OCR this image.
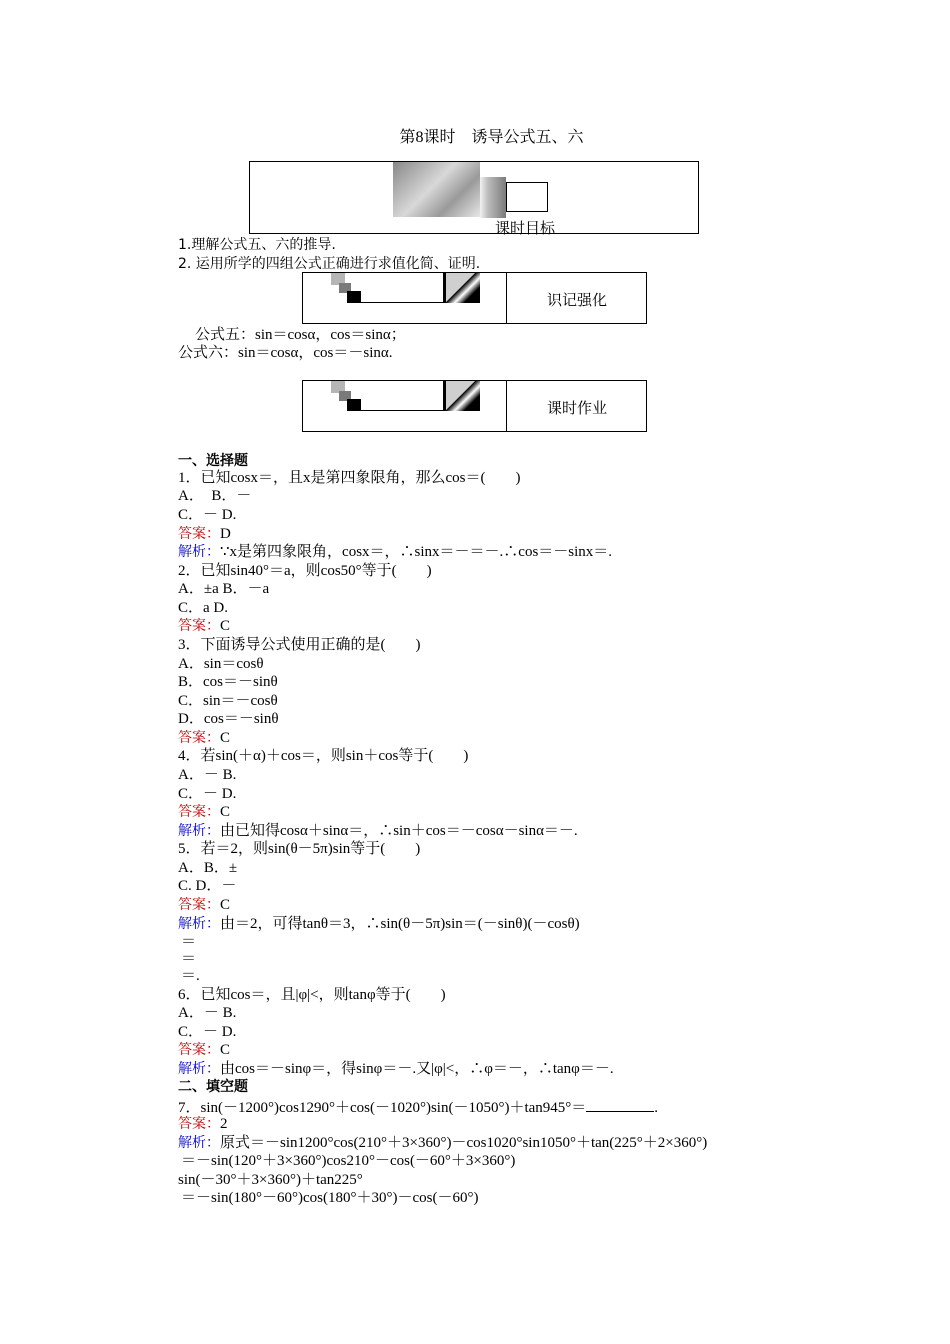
第8课时　诱导公式五、六
课时目标
1.理解公式五、六的推导.
2. 运用所学的四组公式正确进行求值化简、证明.
识记强化
公式五：sin＝cosα，cos＝sinα；
公式六：sin＝cosα，cos＝－sinα.
课时作业
一、选择题
1．已知cosx＝，且x是第四象限角，那么cos＝(　　)
A．　B．－
C．－ D.
答案：D
解析：∵x是第四象限角，cosx＝，∴sinx＝－＝－.∴cos＝－sinx＝.
2．已知sin40°＝a，则cos50°等于(　　)
A．±a B．－a
C．a D.
答案：C
3．下面诱导公式使用正确的是(　　)
A．sin＝cosθ
B．cos＝－sinθ
C．sin＝－cosθ
D．cos＝－sinθ
答案：C
4．若sin(＋α)＋cos＝，则sin＋cos等于(　　)
A．－ B.
C．－ D.
答案：C
解析：由已知得cosα＋sinα＝，∴sin＋cos＝－cosα－sinα＝－.
5．若＝2，则sin(θ－5π)sin等于(　　)
A．B．±
C. D．－
答案：C
解析：由＝2，可得tanθ＝3，∴sin(θ－5π)sin＝(－sinθ)(－cosθ)
＝
＝
＝.
6．已知cos＝，且|φ|<，则tanφ等于(　　)
A．－ B.
C．－ D.
答案：C
解析：由cos＝－sinφ＝，得sinφ＝－.又|φ|<，∴φ＝－，∴tanφ＝－.
二、填空题
7．sin(－1200°)cos1290°＋cos(－1020°)sin(－1050°)＋tan945°＝	.
答案：2
解析：原式＝－sin1200°cos(210°＋3×360°)－cos1020°sin1050°＋tan(225°＋2×360°)
＝－sin(120°＋3×360°)cos210°－cos(－60°＋3×360°)
sin(－30°＋3×360°)＋tan225°
＝－sin(180°－60°)cos(180°＋30°)－cos(－60°)
